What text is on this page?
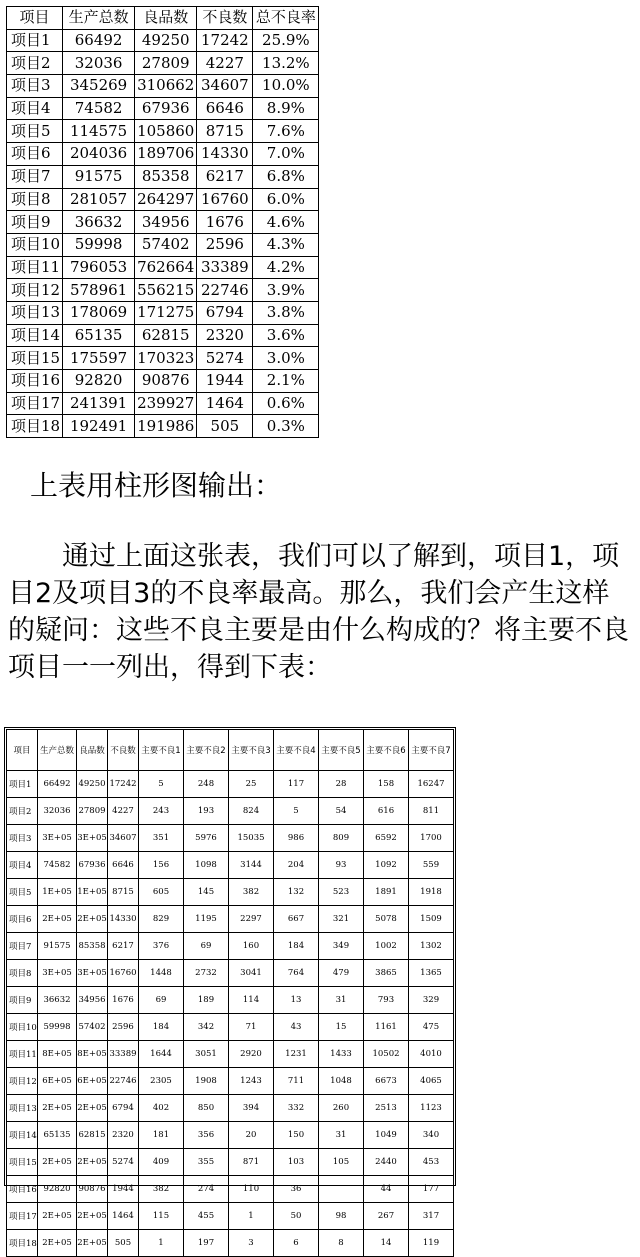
项目	生产总数	良品数	不良数	总不良率
项目1	66492	49250	17242	25.9%
项目2	32036	27809	4227	13.2%
项目3	345269	310662	34607	10.0%
项目4	74582	67936	6646	8.9%
项目5	114575	105860	8715	7.6%
项目6	204036	189706	14330	7.0%
项目7	91575	85358	6217	6.8%
项目8	281057	264297	16760	6.0%
项目9	36632	34956	1676	4.6%
项目10	59998	57402	2596	4.3%
项目11	796053	762664	33389	4.2%
项目12	578961	556215	22746	3.9%
项目13	178069	171275	6794	3.8%
项目14	65135	62815	2320	3.6%
项目15	175597	170323	5274	3.0%
项目16	92820	90876	1944	2.1%
项目17	241391	239927	1464	0.6%
项目18	192491	191986	505	0.3%
上表用柱形图输出：

通过上面这张表，我们可以了解到，项目1，项目2及项目3的不良率最高。那么，我们会产生这样的疑问：这些不良主要是由什么构成的？将主要不良项目一一列出，得到下表：

项目	生产总数	良品数	不良数	主要不良1	主要不良2	主要不良3	主要不良4	主要不良5	主要不良6	主要不良7
项目1	66492	49250	17242	5	248	25	117	28	158	16247
项目2	32036	27809	4227	243	193	824	5	54	616	811
项目3	3E+05	3E+05	34607	351	5976	15035	986	809	6592	1700
项目4	74582	67936	6646	156	1098	3144	204	93	1092	559
项目5	1E+05	1E+05	8715	605	145	382	132	523	1891	1918
项目6	2E+05	2E+05	14330	829	1195	2297	667	321	5078	1509
项目7	91575	85358	6217	376	69	160	184	349	1002	1302
项目8	3E+05	3E+05	16760	1448	2732	3041	764	479	3865	1365
项目9	36632	34956	1676	69	189	114	13	31	793	329
项目10	59998	57402	2596	184	342	71	43	15	1161	475
项目11	8E+05	8E+05	33389	1644	3051	2920	1231	1433	10502	4010
项目12	6E+05	6E+05	22746	2305	1908	1243	711	1048	6673	4065
项目13	2E+05	2E+05	6794	402	850	394	332	260	2513	1123
项目14	65135	62815	2320	181	356	20	150	31	1049	340
项目15	2E+05	2E+05	5274	409	355	871	103	105	2440	453
项目16	92820	90876	1944	382	274	110	36		44	177
项目17	2E+05	2E+05	1464	115	455	1	50	98	267	317
项目18	2E+05	2E+05	505	1	197	3	6	8	14	119
